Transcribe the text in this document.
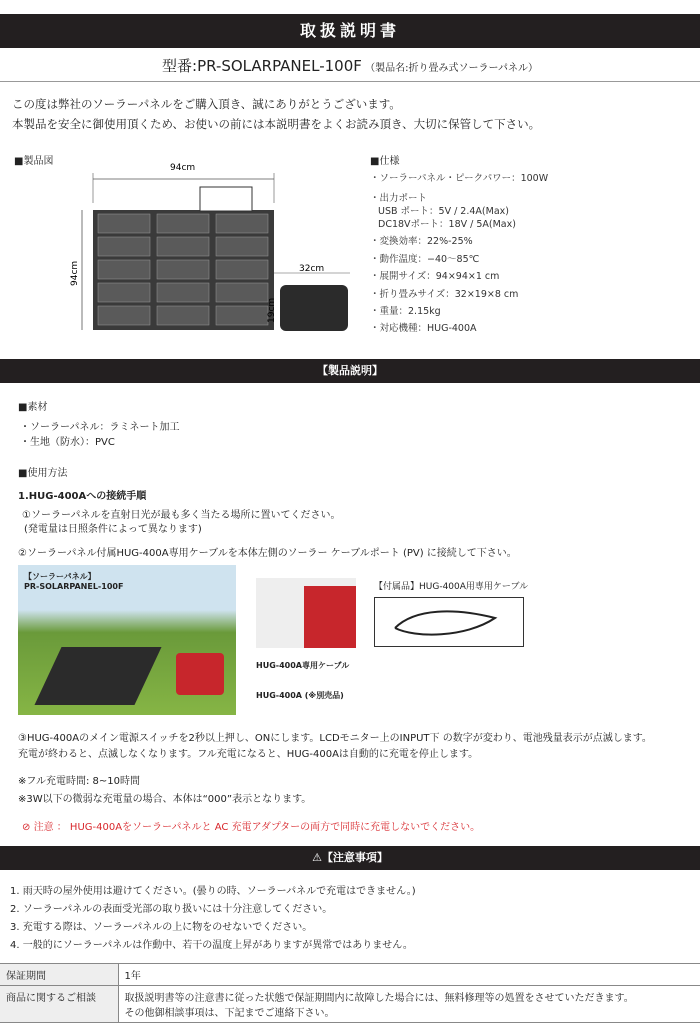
取扱説明書
型番:PR-SOLARPANEL-100F （製品名:折り畳み式ソーラーパネル）
この度は弊社のソーラーパネルをご購入頂き、誠にありがとうございます。
本製品を安全に御使用頂くため、お使いの前には本説明書をよくお読み頂き、大切に保管して下さい。
■製品図
94cm
94cm	32cm
19cm
■仕様
・ソーラーパネル・ピークパワー：100W
・出力ポート
USB ポート：5V / 2.4A(Max)
DC18Vポート：18V / 5A(Max)
・変換効率：22%-25%
・動作温度：−40〜85℃
・展開サイズ：94×94×1 cm
・折り畳みサイズ：32×19×8 cm
・重量：2.15kg
・対応機種：HUG-400A
【製品説明】
■素材
・ソーラーパネル：ラミネート加工
・生地（防水）：PVC
■使用方法
1.HUG-400Aへの接続手順
①ソーラーパネルを直射日光が最も多く当たる場所に置いてください。
(発電量は日照条件によって異なります)
②ソーラーパネル付属HUG-400A専用ケーブルを本体左側のソーラー ケーブルポート (PV) に接続して下さい。
【ソーラーパネル】
PR-SOLARPANEL-100F
HUG-400A専用ケーブル
HUG-400A (※別売品)
【付属品】HUG-400A用専用ケーブル
③HUG-400Aのメイン電源スイッチを2秒以上押し、ONにします。LCDモニター上のINPUT下 の数字が変わり、電池残量表示が点滅します。
充電が終わると、点滅しなくなります。フル充電になると、HUG-400Aは自動的に充電を停止します。
※フル充電時間: 8~10時間
※3W以下の微弱な充電量の場合、本体は“000”表示となります。
⊘ 注意 ： HUG-400Aをソーラーパネルと AC 充電アダプターの両方で同時に充電しないでください。
⚠【注意事項】
1. 雨天時の屋外使用は避けてください。(曇りの時、ソーラーパネルで充電はできません。)
2. ソーラーパネルの表面受光部の取り扱いには十分注意してください。
3. 充電する際は、ソーラーパネルの上に物をのせないでください。
4. 一般的にソーラーパネルは作動中、若干の温度上昇がありますが異常ではありません。
保証期間	1年
商品に関するご相談	取扱説明書等の注意書に従った状態で保証期間内に故障した場合には、無料修理等の処置をさせていただきます。
その他御相談事項は、下記までご連絡下さい。
